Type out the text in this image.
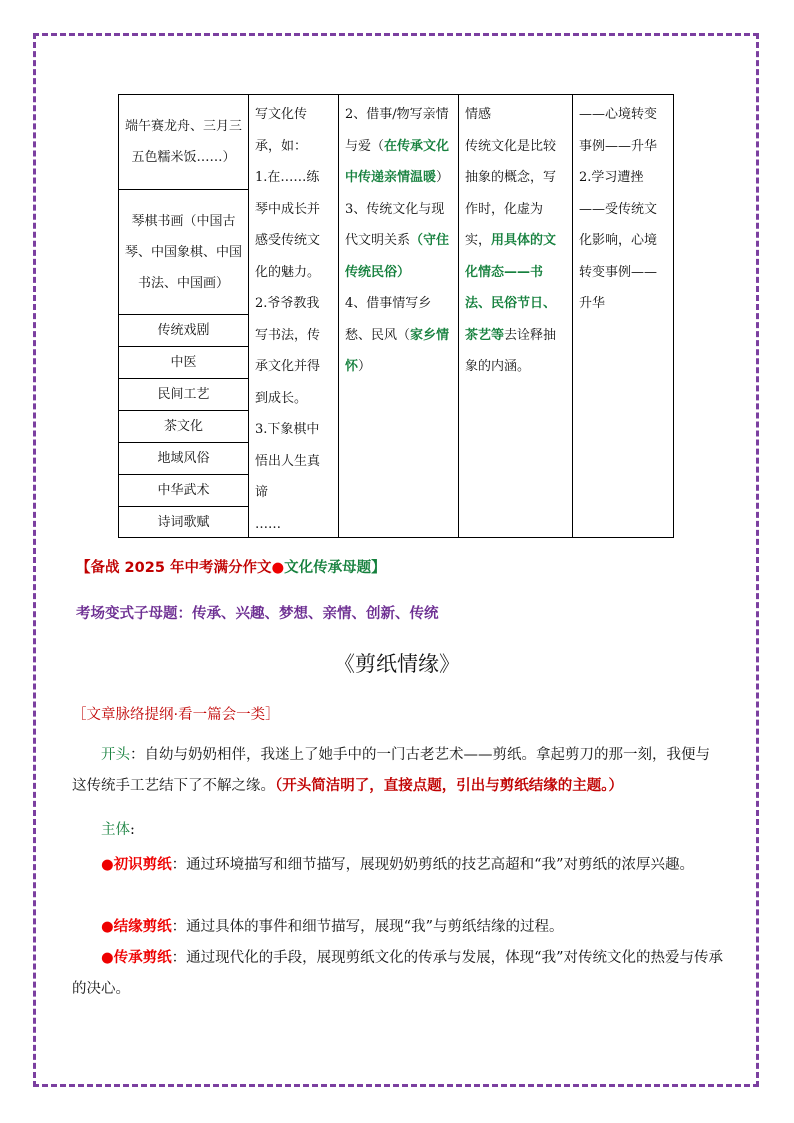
端午赛龙舟、三月三五色糯米饭……）
琴棋书画（中国古琴、中国象棋、中国书法、中国画）
传统戏剧
中医
民间工艺
茶文化
地域风俗
中华武术
诗词歌赋
写文化传承，如：
1.在……练琴中成长并感受传统文化的魅力。
2.爷爷教我写书法，传承文化并得到成长。
3.下象棋中悟出人生真谛
……
2、借事/物写亲情与爱（在传承文化中传递亲情温暖）
3、传统文化与现代文明关系（守住传统民俗）
4、借事情写乡愁、民风（家乡情怀）
情感
传统文化是比较抽象的概念，写作时，化虚为实，用具体的文化情态——书法、民俗节日、茶艺等去诠释抽象的内涵。
——心境转变事例——升华
2.学习遭挫——受传统文化影响，心境转变事例——升华
【备战 2025 年中考满分作文●文化传承母题】
考场变式子母题：传承、兴趣、梦想、亲情、创新、传统
《剪纸情缘》
［文章脉络提纲·看一篇会一类］

开头：自幼与奶奶相伴，我迷上了她手中的一门古老艺术——剪纸。拿起剪刀的那一刻，我便与这传统手工艺结下了不解之缘。（开头简洁明了，直接点题，引出与剪纸结缘的主题。）

主体:

●初识剪纸：通过环境描写和细节描写，展现奶奶剪纸的技艺高超和“我”对剪纸的浓厚兴趣。

●结缘剪纸：通过具体的事件和细节描写，展现“我”与剪纸结缘的过程。

●传承剪纸：通过现代化的手段，展现剪纸文化的传承与发展，体现“我”对传统文化的热爱与传承的决心。
